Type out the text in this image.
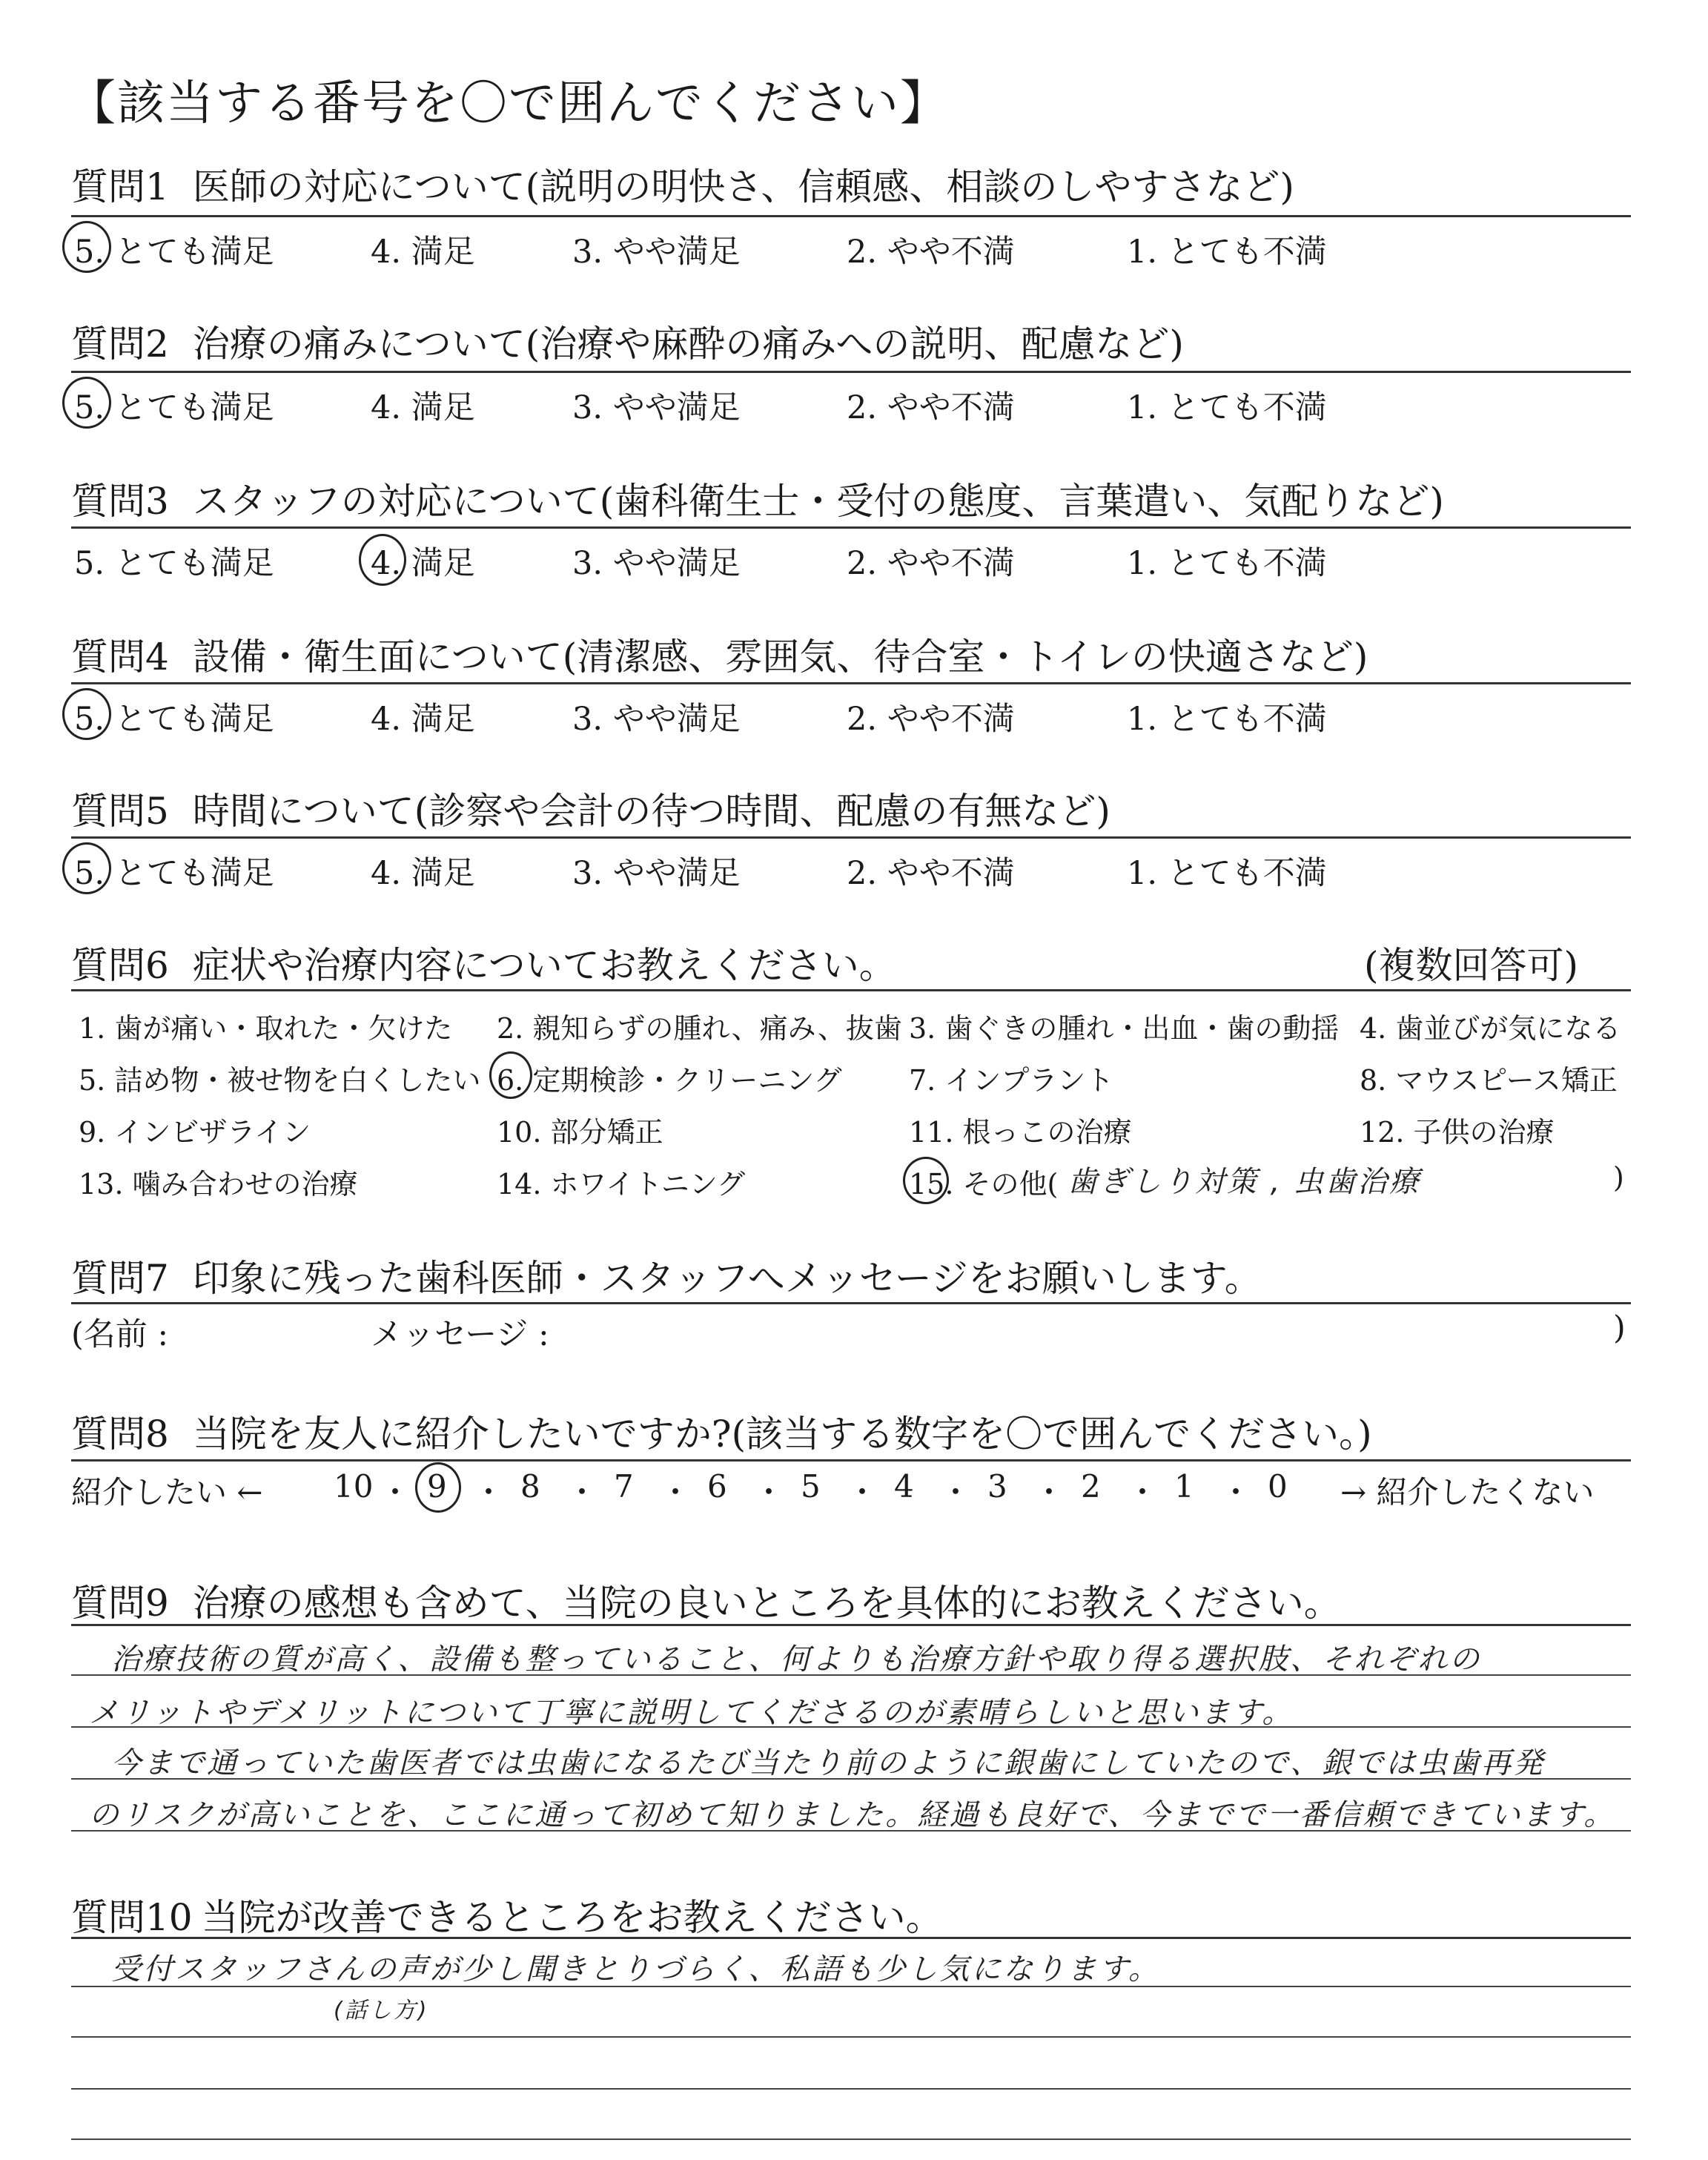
【該当する番号を〇で囲んでください】
質問1 医師の対応について(説明の明快さ、信頼感、相談のしやすさなど)
5. とても満足	4. 満足	3. やや満足	2. やや不満	1. とても不満
質問2 治療の痛みについて(治療や麻酔の痛みへの説明、配慮など)
5. とても満足	4. 満足	3. やや満足	2. やや不満	1. とても不満
質問3 スタッフの対応について(歯科衛生士・受付の態度、言葉遣い、気配りなど)
5. とても満足	4. 満足	3. やや満足	2. やや不満	1. とても不満
質問4 設備・衛生面について(清潔感、雰囲気、待合室・トイレの快適さなど)
5. とても満足	4. 満足	3. やや満足	2. やや不満	1. とても不満
質問5 時間について(診察や会計の待つ時間、配慮の有無など)
5. とても満足	4. 満足	3. やや満足	2. やや不満	1. とても不満
質問6 症状や治療内容についてお教えください。	(複数回答可)
1. 歯が痛い・取れた・欠けた 2. 親知らずの腫れ、痛み、抜歯 3. 歯ぐきの腫れ・出血・歯の動揺 4. 歯並びが気になる
5. 詰め物・被せ物を白くしたい 6. 定期検診・クリーニング 7. インプラント	8. マウスピース矯正
9. インビザライン	10. 部分矯正	11. 根っこの治療	12. 子供の治療
13. 噛み合わせの治療	14. ホワイトニング	15. その他( 歯ぎしり対策 , 虫歯治療	)
質問7 印象に残った歯科医師・スタッフへメッセージをお願いします。
(名前 :	メッセージ :	)
質問8 当院を友人に紹介したいですか?(該当する数字を〇で囲んでください。)
紹介したい ← 10 ・ 9 ・ 8 ・ 7 ・ 6 ・ 5 ・ 4 ・ 3 ・ 2 ・ 1 ・ 0 → 紹介したくない
質問9 治療の感想も含めて、当院の良いところを具体的にお教えください。
治療技術の質が高く、設備も整っていること、何よりも治療方針や取り得る選択肢、それぞれの
メリットやデメリットについて丁寧に説明してくださるのが素晴らしいと思います。
今まで通っていた歯医者では虫歯になるたび当たり前のように銀歯にしていたので、銀では虫歯再発
のリスクが高いことを、ここに通って初めて知りました。経過も良好で、今までで一番信頼できています。
質問10 当院が改善できるところをお教えください。
受付スタッフさんの声が少し聞きとりづらく、私語も少し気になります。
(話し方)
